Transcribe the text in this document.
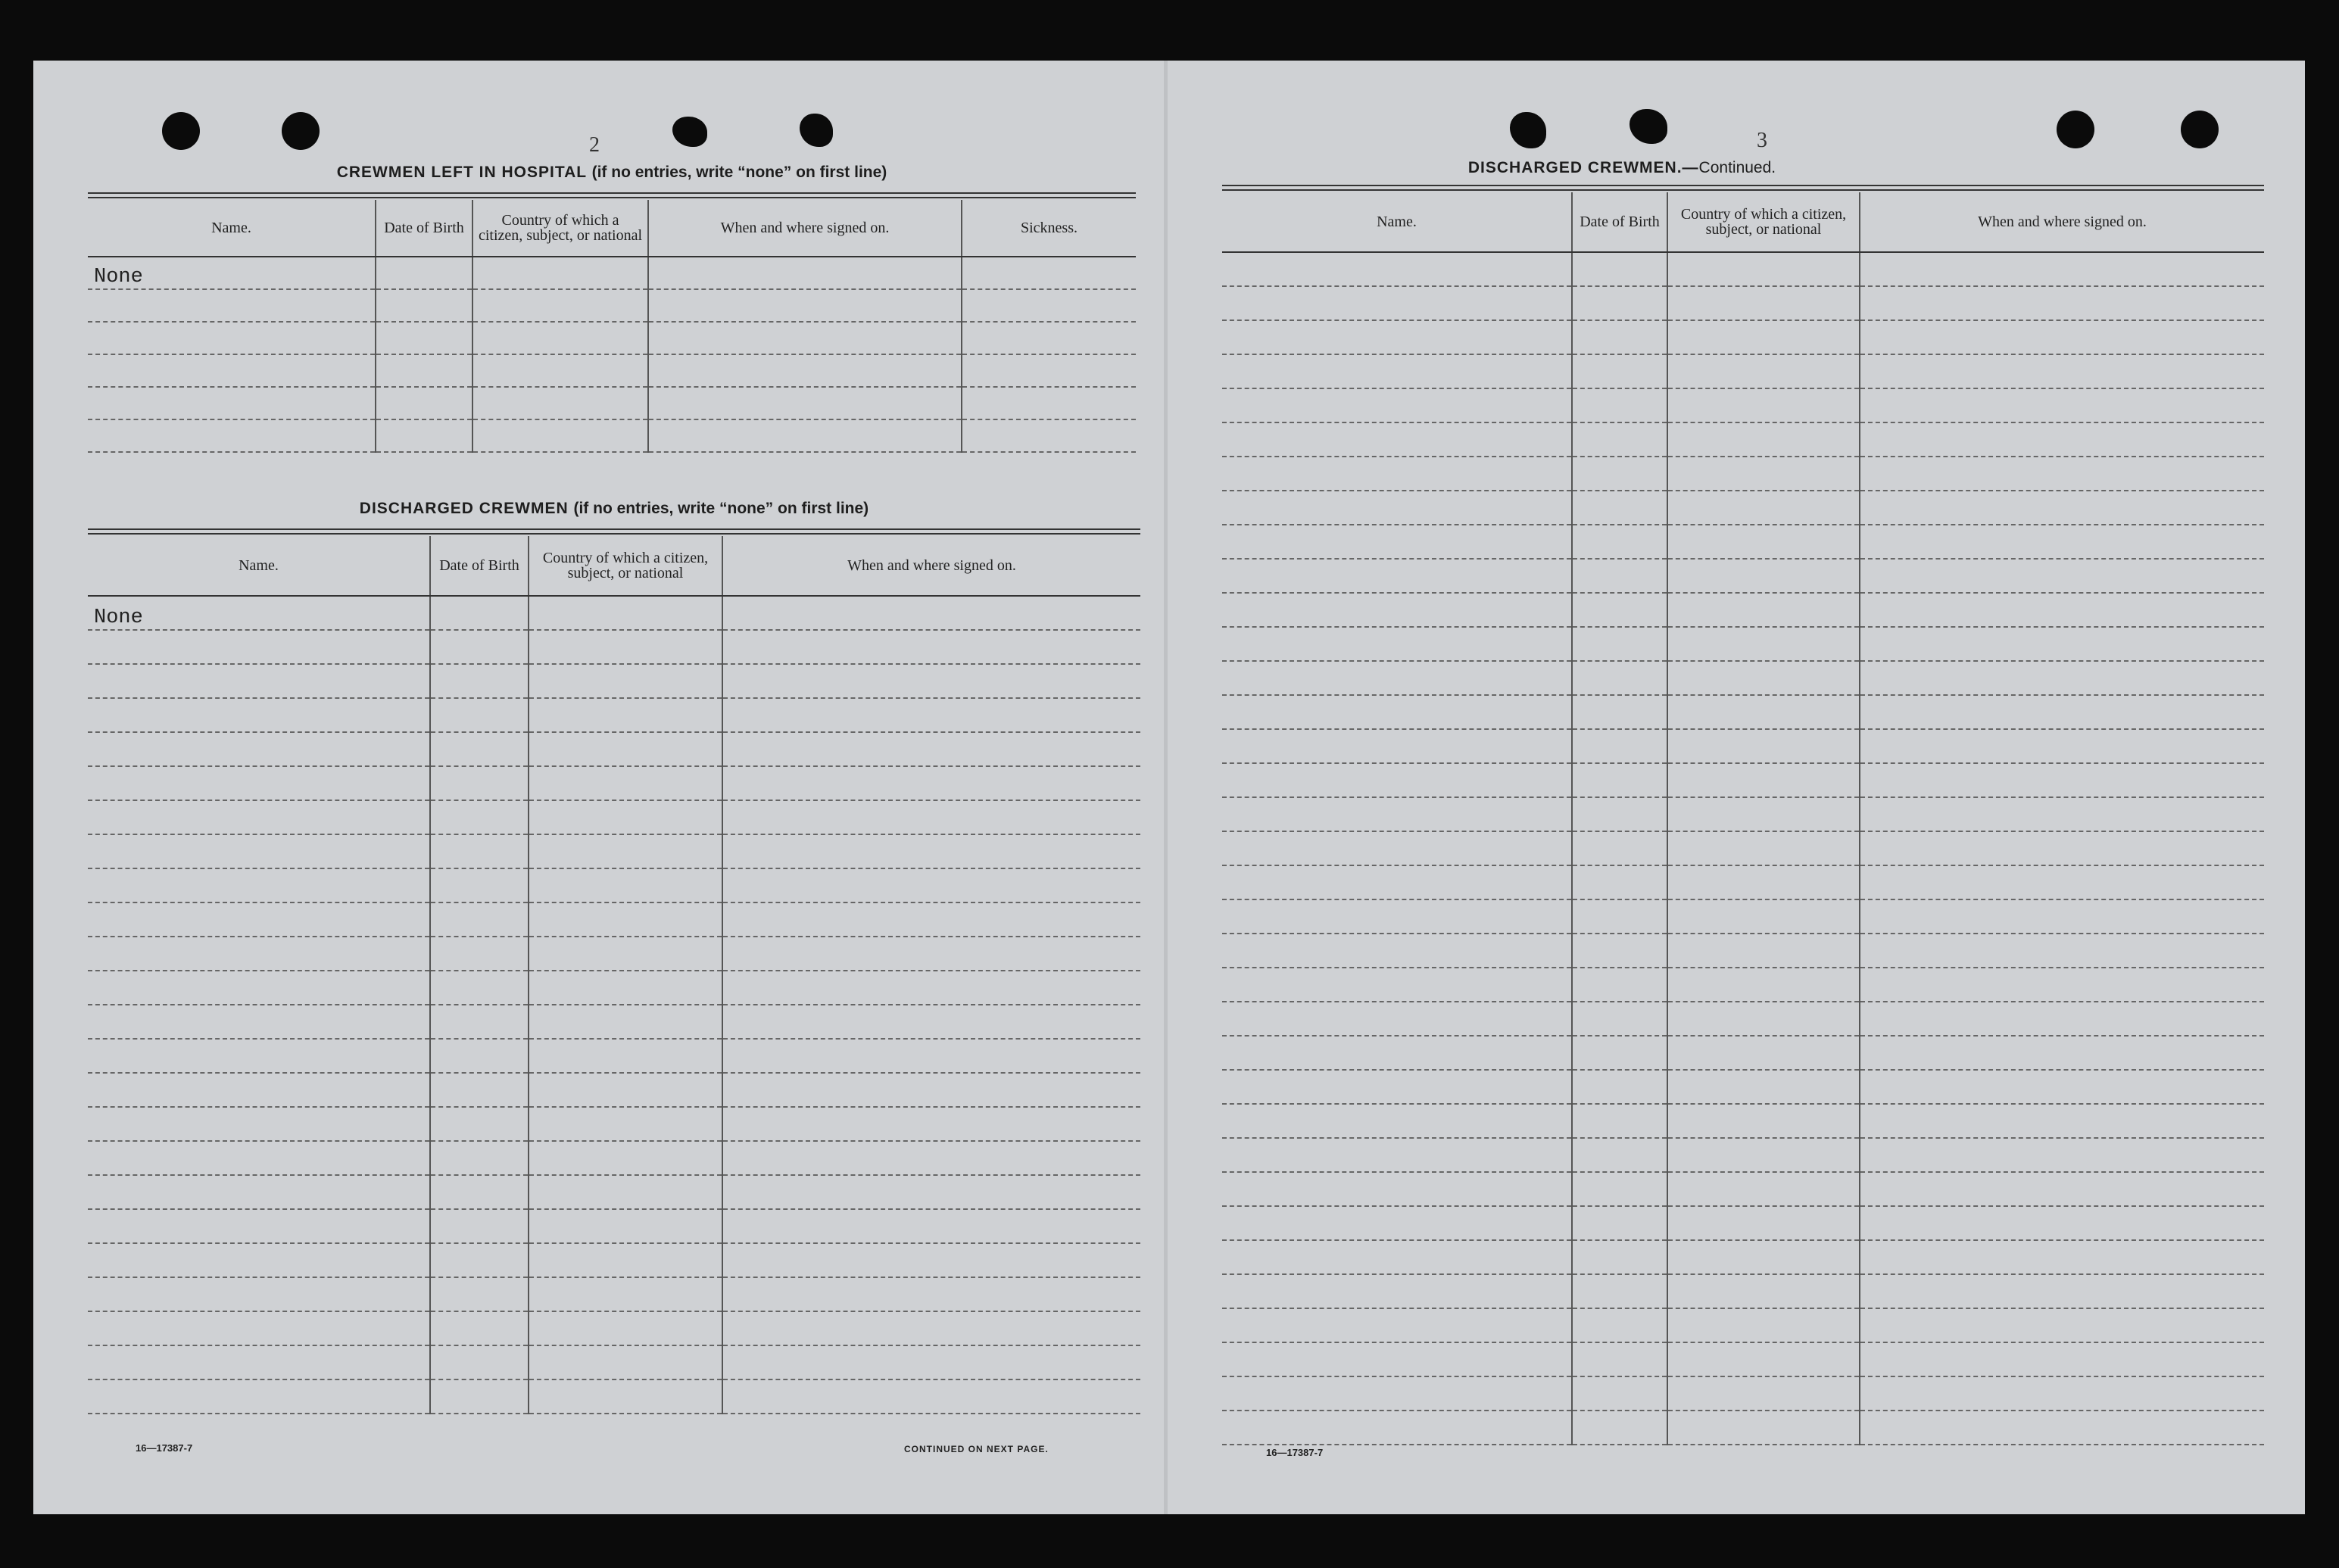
2
CREWMEN LEFT IN HOSPITAL (if no entries, write “none” on first line)
Name.	Date of Birth	Country of which a citizen, subject, or national	When and where signed on.	Sickness.
None				

DISCHARGED CREWMEN (if no entries, write “none” on first line)
Name.	Date of Birth	Country of which a citizen, subject, or national	When and where signed on.
None			

16—17387-7	CONTINUED ON NEXT PAGE.
3
DISCHARGED CREWMEN.—Continued.
Name.	Date of Birth	Country of which a citizen, subject, or national	When and where signed on.

16—17387-7
